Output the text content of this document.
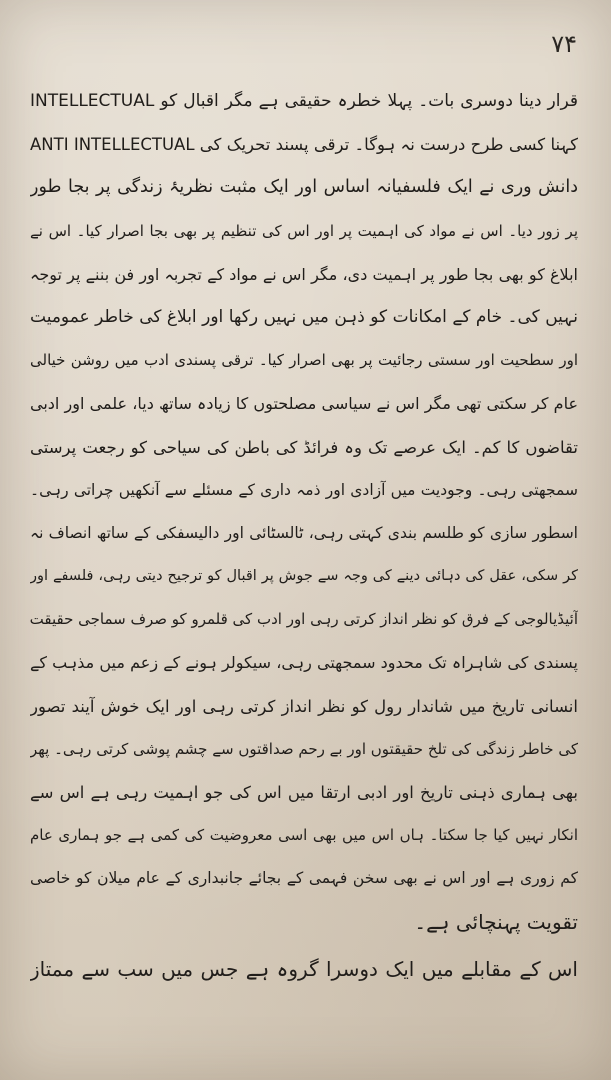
۷۴
قرار دینا دوسری بات۔ پہلا خطرہ حقیقی ہے مگر اقبال کو INTELLECTUAL
کہنا کسی طرح درست نہ ہوگا۔ ترقی پسند تحریک کی ANTI INTELLECTUAL
دانش وری نے ایک فلسفیانہ اساس اور ایک مثبت نظریۂ زندگی پر بجا طور
پر زور دیا۔ اس نے مواد کی اہمیت پر اور اس کی تنظیم پر بھی بجا اصرار کیا۔ اس نے
ابلاغ کو بھی بجا طور پر اہمیت دی، مگر اس نے مواد کے تجربہ اور فن بننے پر توجہ
نہیں کی۔ خام کے امکانات کو ذہن میں نہیں رکھا اور ابلاغ کی خاطر عمومیت
اور سطحیت اور سستی رجائیت پر بھی اصرار کیا۔ ترقی پسندی ادب میں روشن خیالی
عام کر سکتی تھی مگر اس نے سیاسی مصلحتوں کا زیادہ ساتھ دیا، علمی اور ادبی
تقاضوں کا کم۔ ایک عرصے تک وہ فرائڈ کی باطن کی سیاحی کو رجعت پرستی
سمجھتی رہی۔ وجودیت میں آزادی اور ذمہ داری کے مسئلے سے آنکھیں چراتی رہی۔
اسطور سازی کو طلسم بندی کہتی رہی، ٹالسٹائی اور دالیسفکی کے ساتھ انصاف نہ
کر سکی، عقل کی دہائی دینے کی وجہ سے جوش پر اقبال کو ترجیح دیتی رہی، فلسفے اور
آئیڈیالوجی کے فرق کو نظر انداز کرتی رہی اور ادب کی قلمرو کو صرف سماجی حقیقت
پسندی کی شاہراہ تک محدود سمجھتی رہی، سیکولر ہونے کے زعم میں مذہب کے
انسانی تاریخ میں شاندار رول کو نظر انداز کرتی رہی اور ایک خوش آیند تصور
کی خاطر زندگی کی تلخ حقیقتوں اور بے رحم صداقتوں سے چشم پوشی کرتی رہی۔ پھر
بھی ہماری ذہنی تاریخ اور ادبی ارتقا میں اس کی جو اہمیت رہی ہے اس سے
انکار نہیں کیا جا سکتا۔ ہاں اس میں بھی اسی معروضیت کی کمی ہے جو ہماری عام
کم زوری ہے اور اس نے بھی سخن فہمی کے بجائے جانبداری کے عام میلان کو خاصی
تقویت پہنچائی ہے۔
اس کے مقابلے میں ایک دوسرا گروہ ہے جس میں سب سے ممتاز
